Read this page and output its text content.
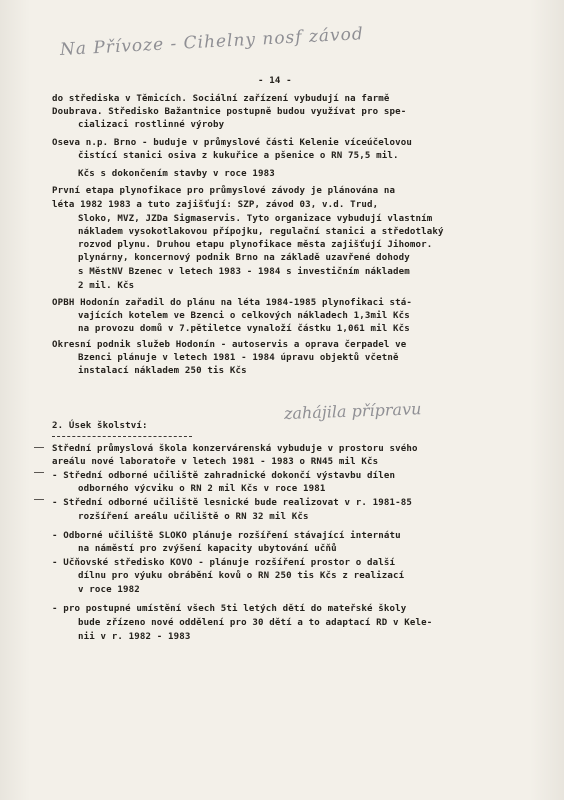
Na Přívoze - Cihelny nosf závod
- 14 -
do střediska v Těmicích. Sociální zařízení vybudují na farmě
Doubrava. Středisko Bažantnice postupně budou využívat pro spe-
cializaci rostlinné výroby
Oseva n.p. Brno - buduje v průmyslové části Kelenie víceúčelovou
čistící stanici osiva z kukuřice a pšenice o RN 75,5 mil.
Kčs s dokončením stavby v roce 1983
První etapa plynofikace pro průmyslové závody je plánována na
léta 1982 1983 a tuto zajišťují: SZP, závod 03, v.d. Trud,
Sloko, MVZ, JZDa Sigmaservis. Tyto organizace vybudují vlastním
nákladem vysokotlakovou přípojku, regulační stanici a středotlaký
rozvod plynu. Druhou etapu plynofikace města zajišťují Jihomor.
plynárny, koncernový podnik Brno na základě uzavřené dohody
s MěstNV Bzenec v letech 1983 - 1984 s investičním nákladem
2 mil. Kčs
OPBH Hodonín zařadil do plánu na léta 1984-1985 plynofikaci stá-
vajících kotelem ve Bzenci o celkových nákladech 1,3mil Kčs
na provozu domů v 7.pětiletce vynaloží částku 1,061 mil Kčs
Okresní podnik služeb Hodonín - autoservis a oprava čerpadel ve
Bzenci plánuje v letech 1981 - 1984 úpravu objektů včetně
instalací nákladem 250 tis Kčs
2. Úsek školství:
zahájila přípravu
Střední průmyslová škola konzervárenská vybuduje v prostoru svého
areálu nové laboratoře v letech 1981 - 1983 o RN45 mil Kčs
- Střední odborné učiliště zahradnické dokončí výstavbu dílen
odborného výcviku o RN 2 mil Kčs v roce 1981
- Střední odborné učiliště lesnické bude realizovat v r. 1981-85
rozšíření areálu učiliště o RN 32 mil Kčs
- Odborné učiliště SLOKO plánuje rozšíření stávající internátu
na náměstí pro zvýšení kapacity ubytování učňů
- Učňovské středisko KOVO - plánuje rozšíření prostor o další
dílnu pro výuku obrábění kovů o RN 250 tis Kčs z realizací
v roce 1982
- pro postupné umístění všech 5ti letých dětí do mateřské školy
bude zřízeno nové oddělení pro 30 dětí a to adaptací RD v Kele-
nii v r. 1982 - 1983
